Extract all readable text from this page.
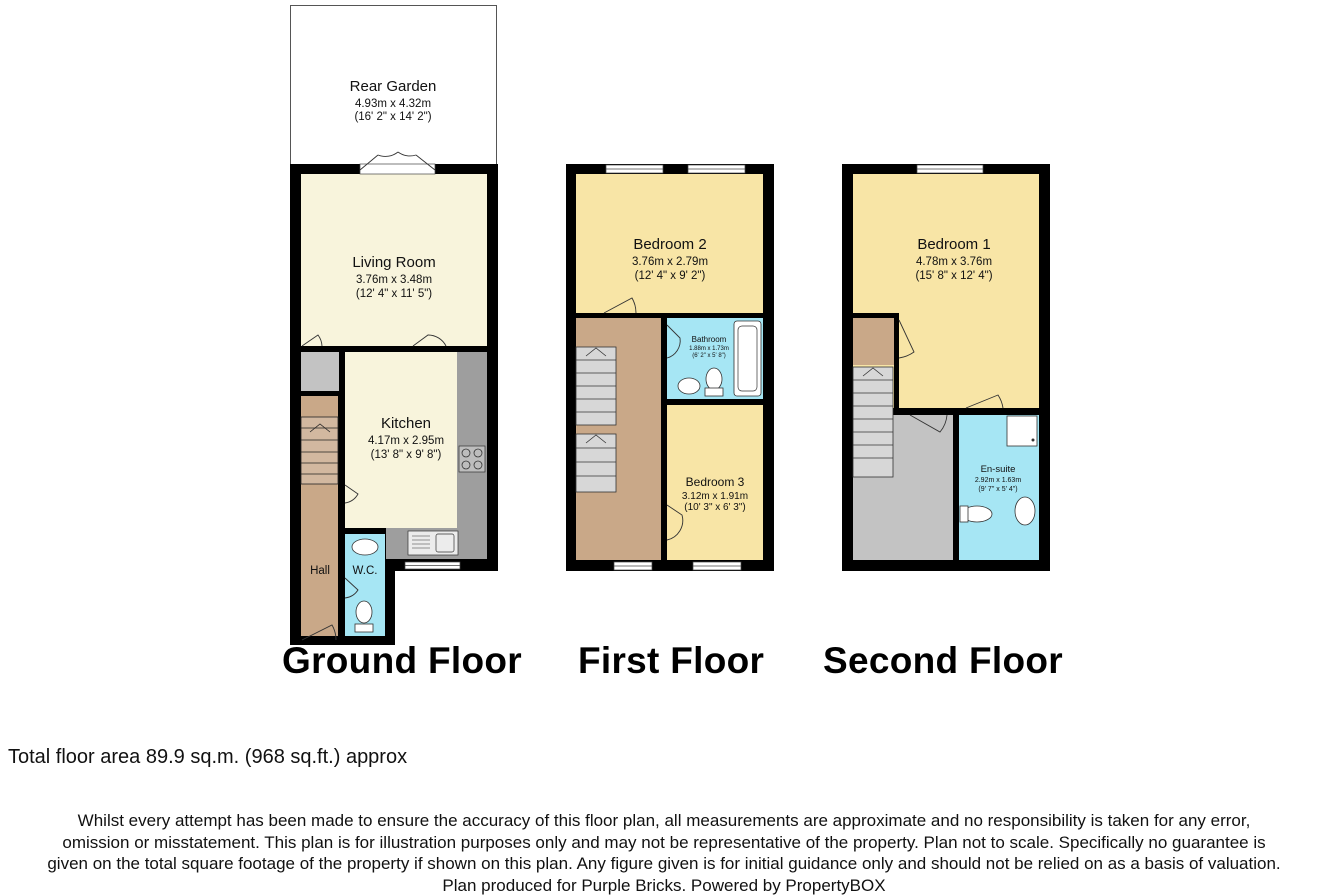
Rear Garden
4.93m x 4.32m
(16' 2" x 14' 2")
Living Room
3.76m x 3.48m
(12' 4" x 11' 5")
Kitchen
4.17m x 2.95m
(13' 8" x 9' 8")
Hall W.C.
Bedroom 2
3.76m x 2.79m
(12' 4" x 9' 2")
Bathroom
1.88m x 1.73m
(6' 2" x 5' 8")
Bedroom 3
3.12m x 1.91m
(10' 3" x 6' 3")
Bedroom 1
4.78m x 3.76m
(15' 8" x 12' 4")
En-suite
2.92m x 1.63m
(9' 7" x 5' 4")
Ground Floor First Floor Second Floor
Total floor area 89.9 sq.m. (968 sq.ft.) approx
Whilst every attempt has been made to ensure the accuracy of this floor plan, all measurements are approximate and no responsibility is taken for any error,
omission or misstatement. This plan is for illustration purposes only and may not be representative of the property. Plan not to scale. Specifically no guarantee is
given on the total square footage of the property if shown on this plan. Any figure given is for initial guidance only and should not be relied on as a basis of valuation.
Plan produced for Purple Bricks. Powered by PropertyBOX
